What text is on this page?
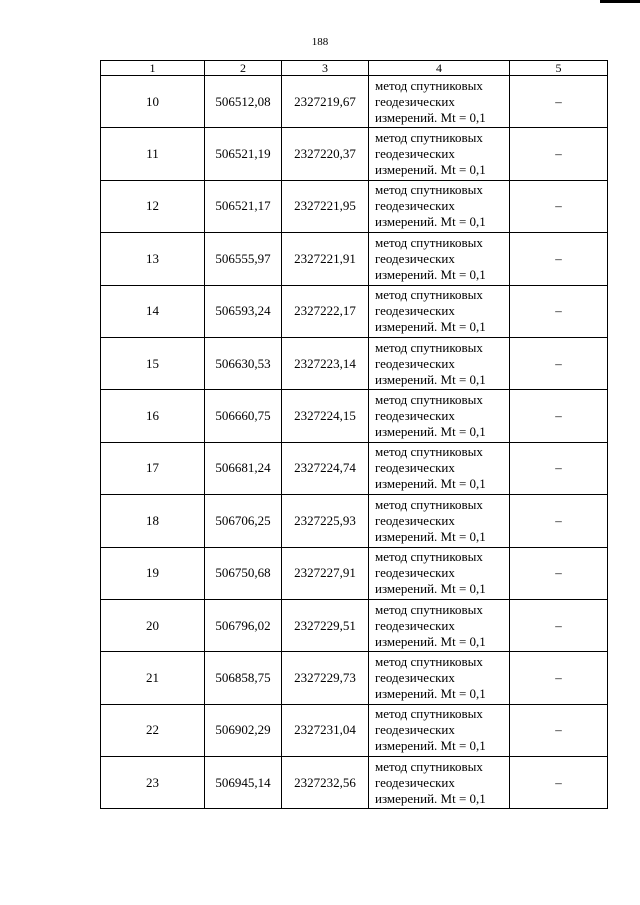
188
1	2	3	4	5
10	506512,08	2327219,67	метод спутниковых
геодезических
измерений. Mt = 0,1	–
11	506521,19	2327220,37	метод спутниковых
геодезических
измерений. Mt = 0,1	–
12	506521,17	2327221,95	метод спутниковых
геодезических
измерений. Mt = 0,1	–
13	506555,97	2327221,91	метод спутниковых
геодезических
измерений. Mt = 0,1	–
14	506593,24	2327222,17	метод спутниковых
геодезических
измерений. Mt = 0,1	–
15	506630,53	2327223,14	метод спутниковых
геодезических
измерений. Mt = 0,1	–
16	506660,75	2327224,15	метод спутниковых
геодезических
измерений. Mt = 0,1	–
17	506681,24	2327224,74	метод спутниковых
геодезических
измерений. Mt = 0,1	–
18	506706,25	2327225,93	метод спутниковых
геодезических
измерений. Mt = 0,1	–
19	506750,68	2327227,91	метод спутниковых
геодезических
измерений. Mt = 0,1	–
20	506796,02	2327229,51	метод спутниковых
геодезических
измерений. Mt = 0,1	–
21	506858,75	2327229,73	метод спутниковых
геодезических
измерений. Mt = 0,1	–
22	506902,29	2327231,04	метод спутниковых
геодезических
измерений. Mt = 0,1	–
23	506945,14	2327232,56	метод спутниковых
геодезических
измерений. Mt = 0,1	–
